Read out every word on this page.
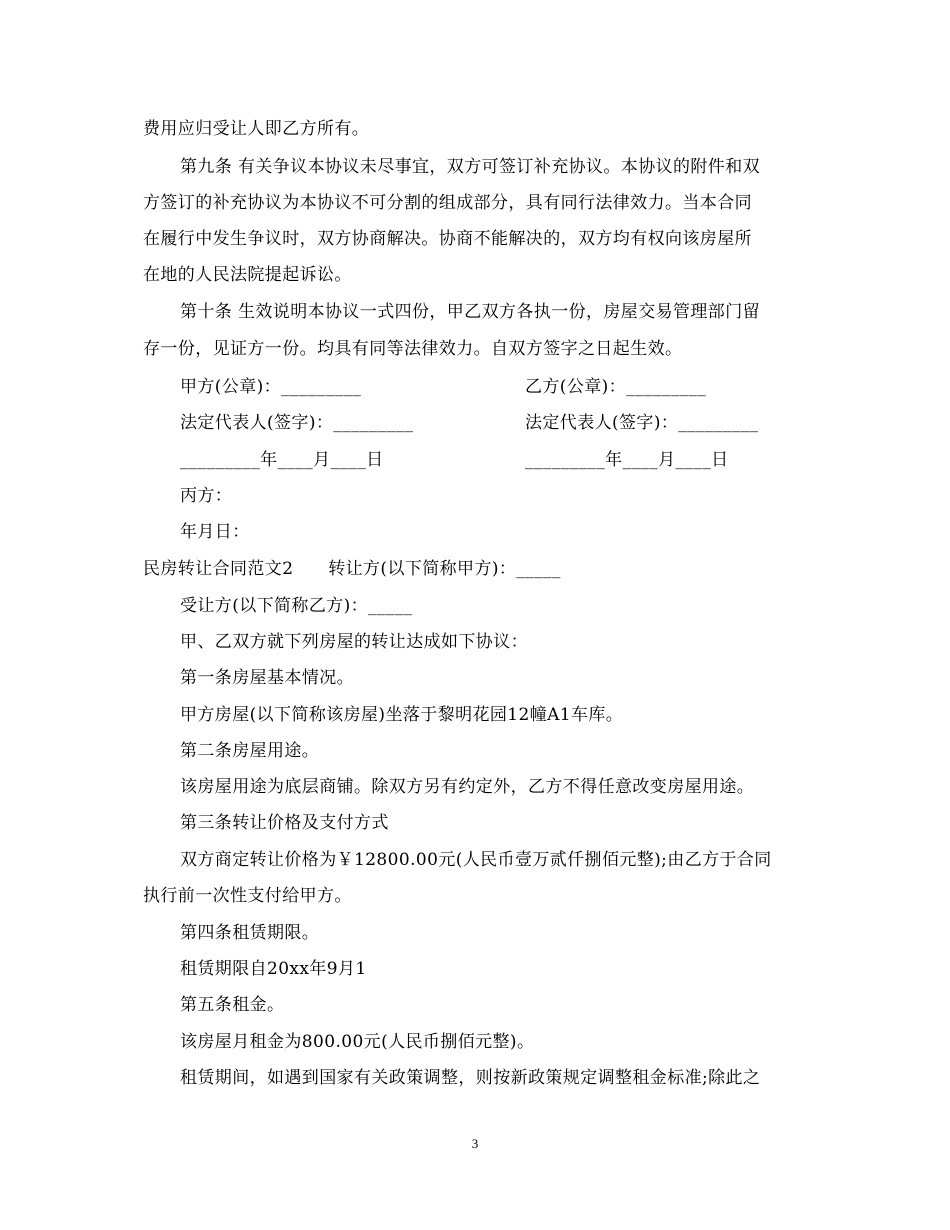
费用应归受让人即乙方所有。
第九条 有关争议本协议未尽事宜，双方可签订补充协议。本协议的附件和双
方签订的补充协议为本协议不可分割的组成部分，具有同行法律效力。当本合同
在履行中发生争议时，双方协商解决。协商不能解决的，双方均有权向该房屋所
在地的人民法院提起诉讼。
第十条 生效说明本协议一式四份，甲乙双方各执一份，房屋交易管理部门留
存一份，见证方一份。均具有同等法律效力。自双方签字之日起生效。
甲方(公章)：_________	乙方(公章)：_________
法定代表人(签字)：_________	法定代表人(签字)：_________
_________年____月____日	_________年____月____日
丙方：
年月日：
民房转让合同范文2　　转让方(以下简称甲方)：_____
受让方(以下简称乙方)：_____
甲、乙双方就下列房屋的转让达成如下协议：
第一条房屋基本情况。
甲方房屋(以下简称该房屋)坐落于黎明花园12幢A1车库。
第二条房屋用途。
该房屋用途为底层商铺。除双方另有约定外，乙方不得任意改变房屋用途。
第三条转让价格及支付方式
双方商定转让价格为￥12800.00元(人民币壹万贰仟捌佰元整);由乙方于合同
执行前一次性支付给甲方。
第四条租赁期限。
租赁期限自20xx年9月1
第五条租金。
该房屋月租金为800.00元(人民币捌佰元整)。
租赁期间，如遇到国家有关政策调整，则按新政策规定调整租金标准;除此之
3
